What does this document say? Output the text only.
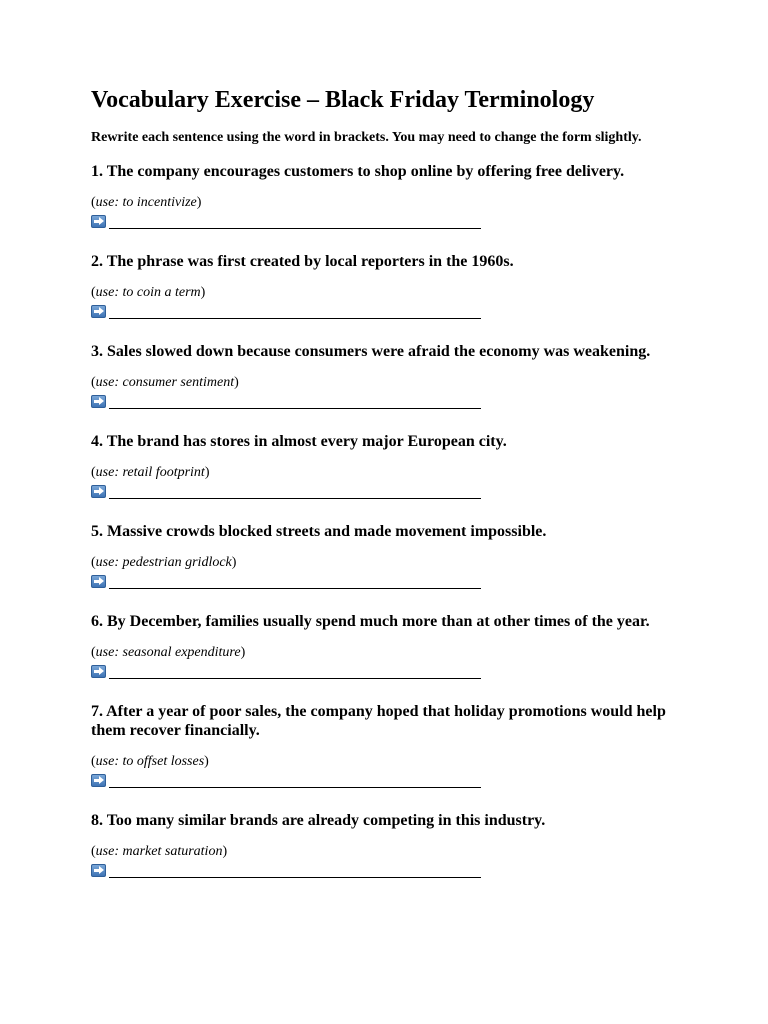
Vocabulary Exercise – Black Friday Terminology

Rewrite each sentence using the word in brackets. You may need to change the form slightly.

1. The company encourages customers to shop online by offering free delivery.

(use: to incentivize)

2. The phrase was first created by local reporters in the 1960s.

(use: to coin a term)

3. Sales slowed down because consumers were afraid the economy was weakening.

(use: consumer sentiment)

4. The brand has stores in almost every major European city.

(use: retail footprint)

5. Massive crowds blocked streets and made movement impossible.

(use: pedestrian gridlock)

6. By December, families usually spend much more than at other times of the year.

(use: seasonal expenditure)

7. After a year of poor sales, the company hoped that holiday promotions would help them recover financially.

(use: to offset losses)

8. Too many similar brands are already competing in this industry.

(use: market saturation)
